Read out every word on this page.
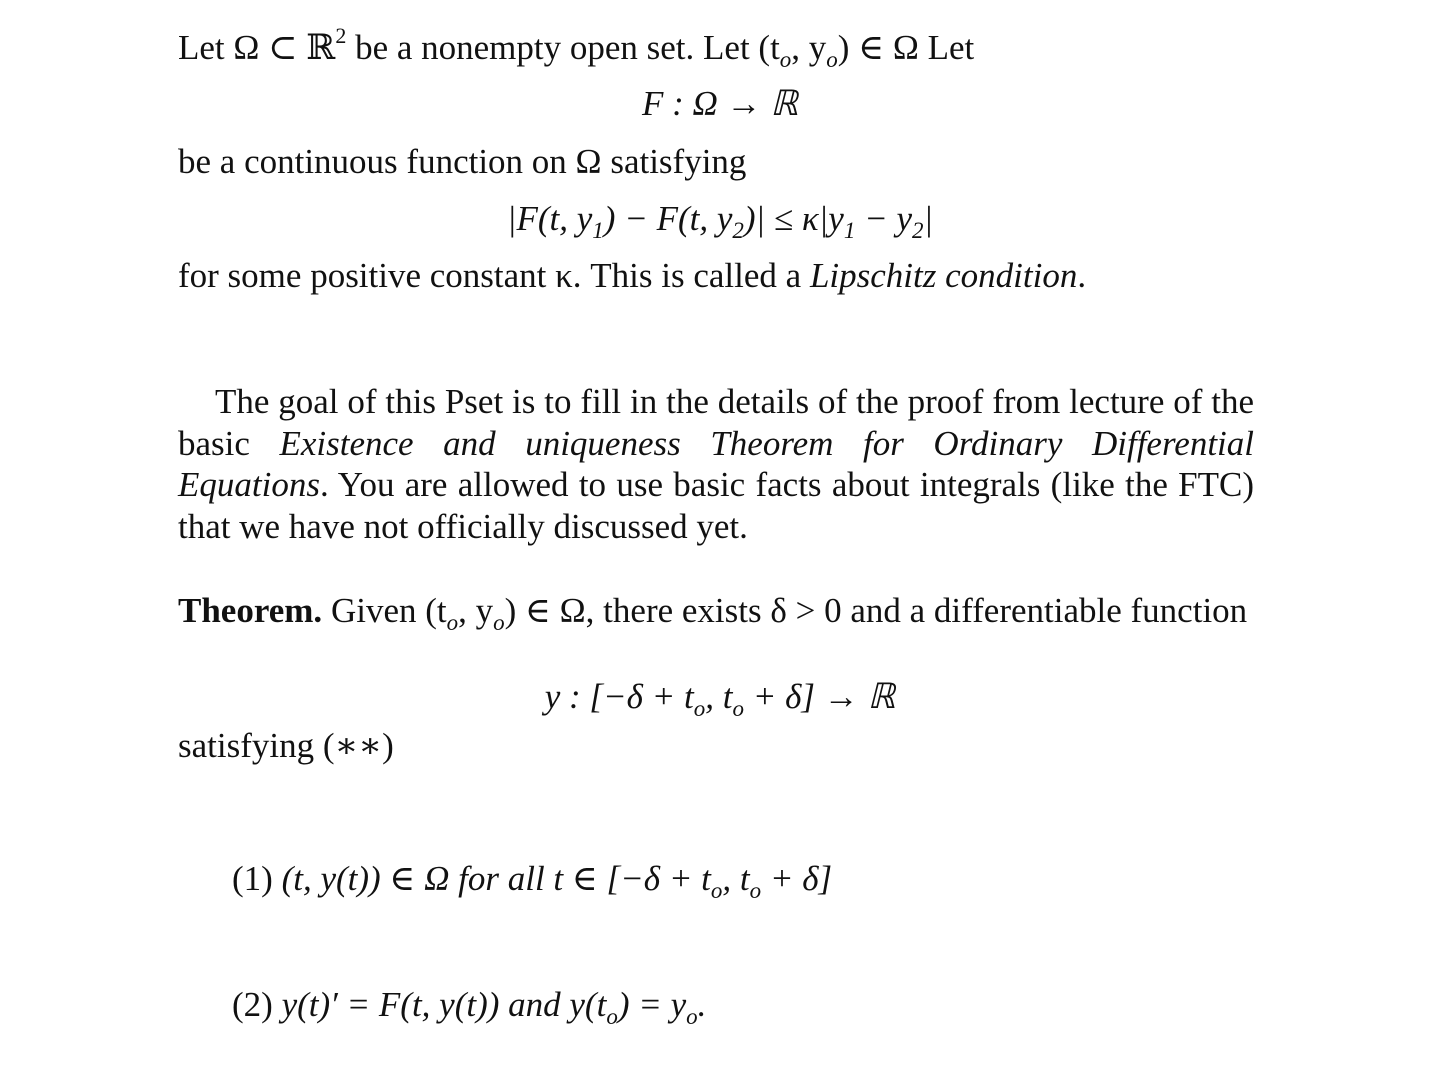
Let Ω ⊂ ℝ$^2$ be a nonempty open set. Let ($t_o$, $y_o$) ∈ Ω Let
F : Ω → ℝ
be a continuous function on Ω satisfying
|F(t, $y_1) - F(t$, $y_2)| \le \kappa|y_1 - y_2|$
for some positive constant κ. This is called a Lipschitz condition.
The goal of this Pset is to fill in the details of the proof from lecture of the basic Existence and uniqueness Theorem for Ordinary Differential Equations. You are allowed to use basic facts about integrals (like the FTC) that we have not officially discussed yet.
Theorem. Given ($t_o$, $y_o$) ∈ Ω, there exists δ > 0 and a differentiable function
y : [$-\delta + t_o$, $t_o + \delta$] → ℝ
satisfying (∗∗)
(1) (t, y(t)) ∈ Ω for all t ∈ [$-\delta + t_o$, $t_o + \delta$]
(2) y(t)′ = F(t, y(t)) and $y(t_o) = y_o$.
